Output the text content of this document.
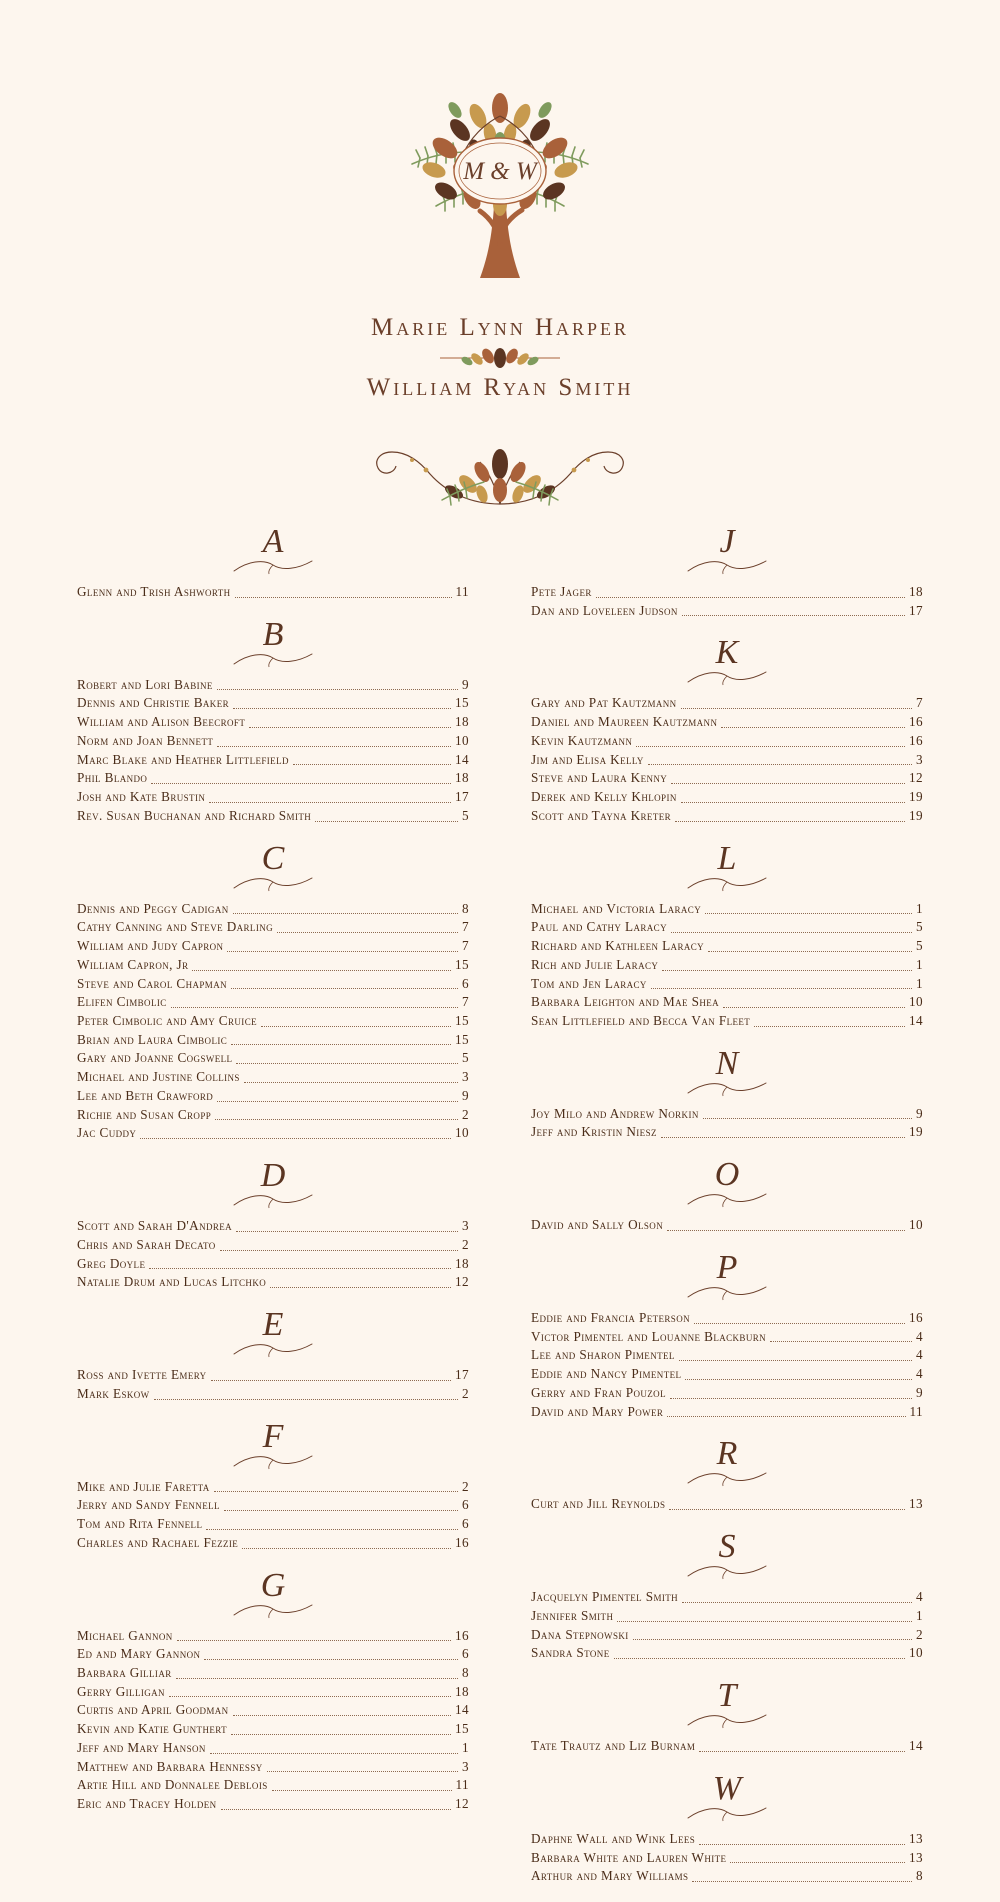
M & W
Marie Lynn Harper
William Ryan Smith
A
Glenn and Trish Ashworth	11
B
Robert and Lori Babine	9
Dennis and Christie Baker	15
William and Alison Beecroft	18
Norm and Joan Bennett	10
Marc Blake and Heather Littlefield	14
Phil Blando	18
Josh and Kate Brustin	17
Rev. Susan Buchanan and Richard Smith	5
C
Dennis and Peggy Cadigan	8
Cathy Canning and Steve Darling	7
William and Judy Capron	7
William Capron, Jr	15
Steve and Carol Chapman	6
Elifen Cimbolic	7
Peter Cimbolic and Amy Cruice	15
Brian and Laura Cimbolic	15
Gary and Joanne Cogswell	5
Michael and Justine Collins	3
Lee and Beth Crawford	9
Richie and Susan Cropp	2
Jac Cuddy	10
D
Scott and Sarah D'Andrea	3
Chris and Sarah Decato	2
Greg Doyle	18
Natalie Drum and Lucas Litchko	12
E
Ross and Ivette Emery	17
Mark Eskow	2
F
Mike and Julie Faretta	2
Jerry and Sandy Fennell	6
Tom and Rita Fennell	6
Charles and Rachael Fezzie	16
G
Michael Gannon	16
Ed and Mary Gannon	6
Barbara Gilliar	8
Gerry Gilligan	18
Curtis and April Goodman	14
Kevin and Katie Gunthert	15
Jeff and Mary Hanson	1
Matthew and Barbara Hennessy	3
Artie Hill and Donnalee Deblois	11
Eric and Tracey Holden	12
J
Pete Jager	18
Dan and Loveleen Judson	17
K
Gary and Pat Kautzmann	7
Daniel and Maureen Kautzmann	16
Kevin Kautzmann	16
Jim and Elisa Kelly	3
Steve and Laura Kenny	12
Derek and Kelly Khlopin	19
Scott and Tayna Kreter	19
L
Michael and Victoria Laracy	1
Paul and Cathy Laracy	5
Richard and Kathleen Laracy	5
Rich and Julie Laracy	1
Tom and Jen Laracy	1
Barbara Leighton and Mae Shea	10
Sean Littlefield and Becca Van Fleet	14
N
Joy Milo and Andrew Norkin	9
Jeff and Kristin Niesz	19
O
David and Sally Olson	10
P
Eddie and Francia Peterson	16
Victor Pimentel and Louanne Blackburn	4
Lee and Sharon Pimentel	4
Eddie and Nancy Pimentel	4
Gerry and Fran Pouzol	9
David and Mary Power	11
R
Curt and Jill Reynolds	13
S
Jacquelyn Pimentel Smith	4
Jennifer Smith	1
Dana Stepnowski	2
Sandra Stone	10
T
Tate Trautz and Liz Burnam	14
W
Daphne Wall and Wink Lees	13
Barbara White and Lauren White	13
Arthur and Mary Williams	8
